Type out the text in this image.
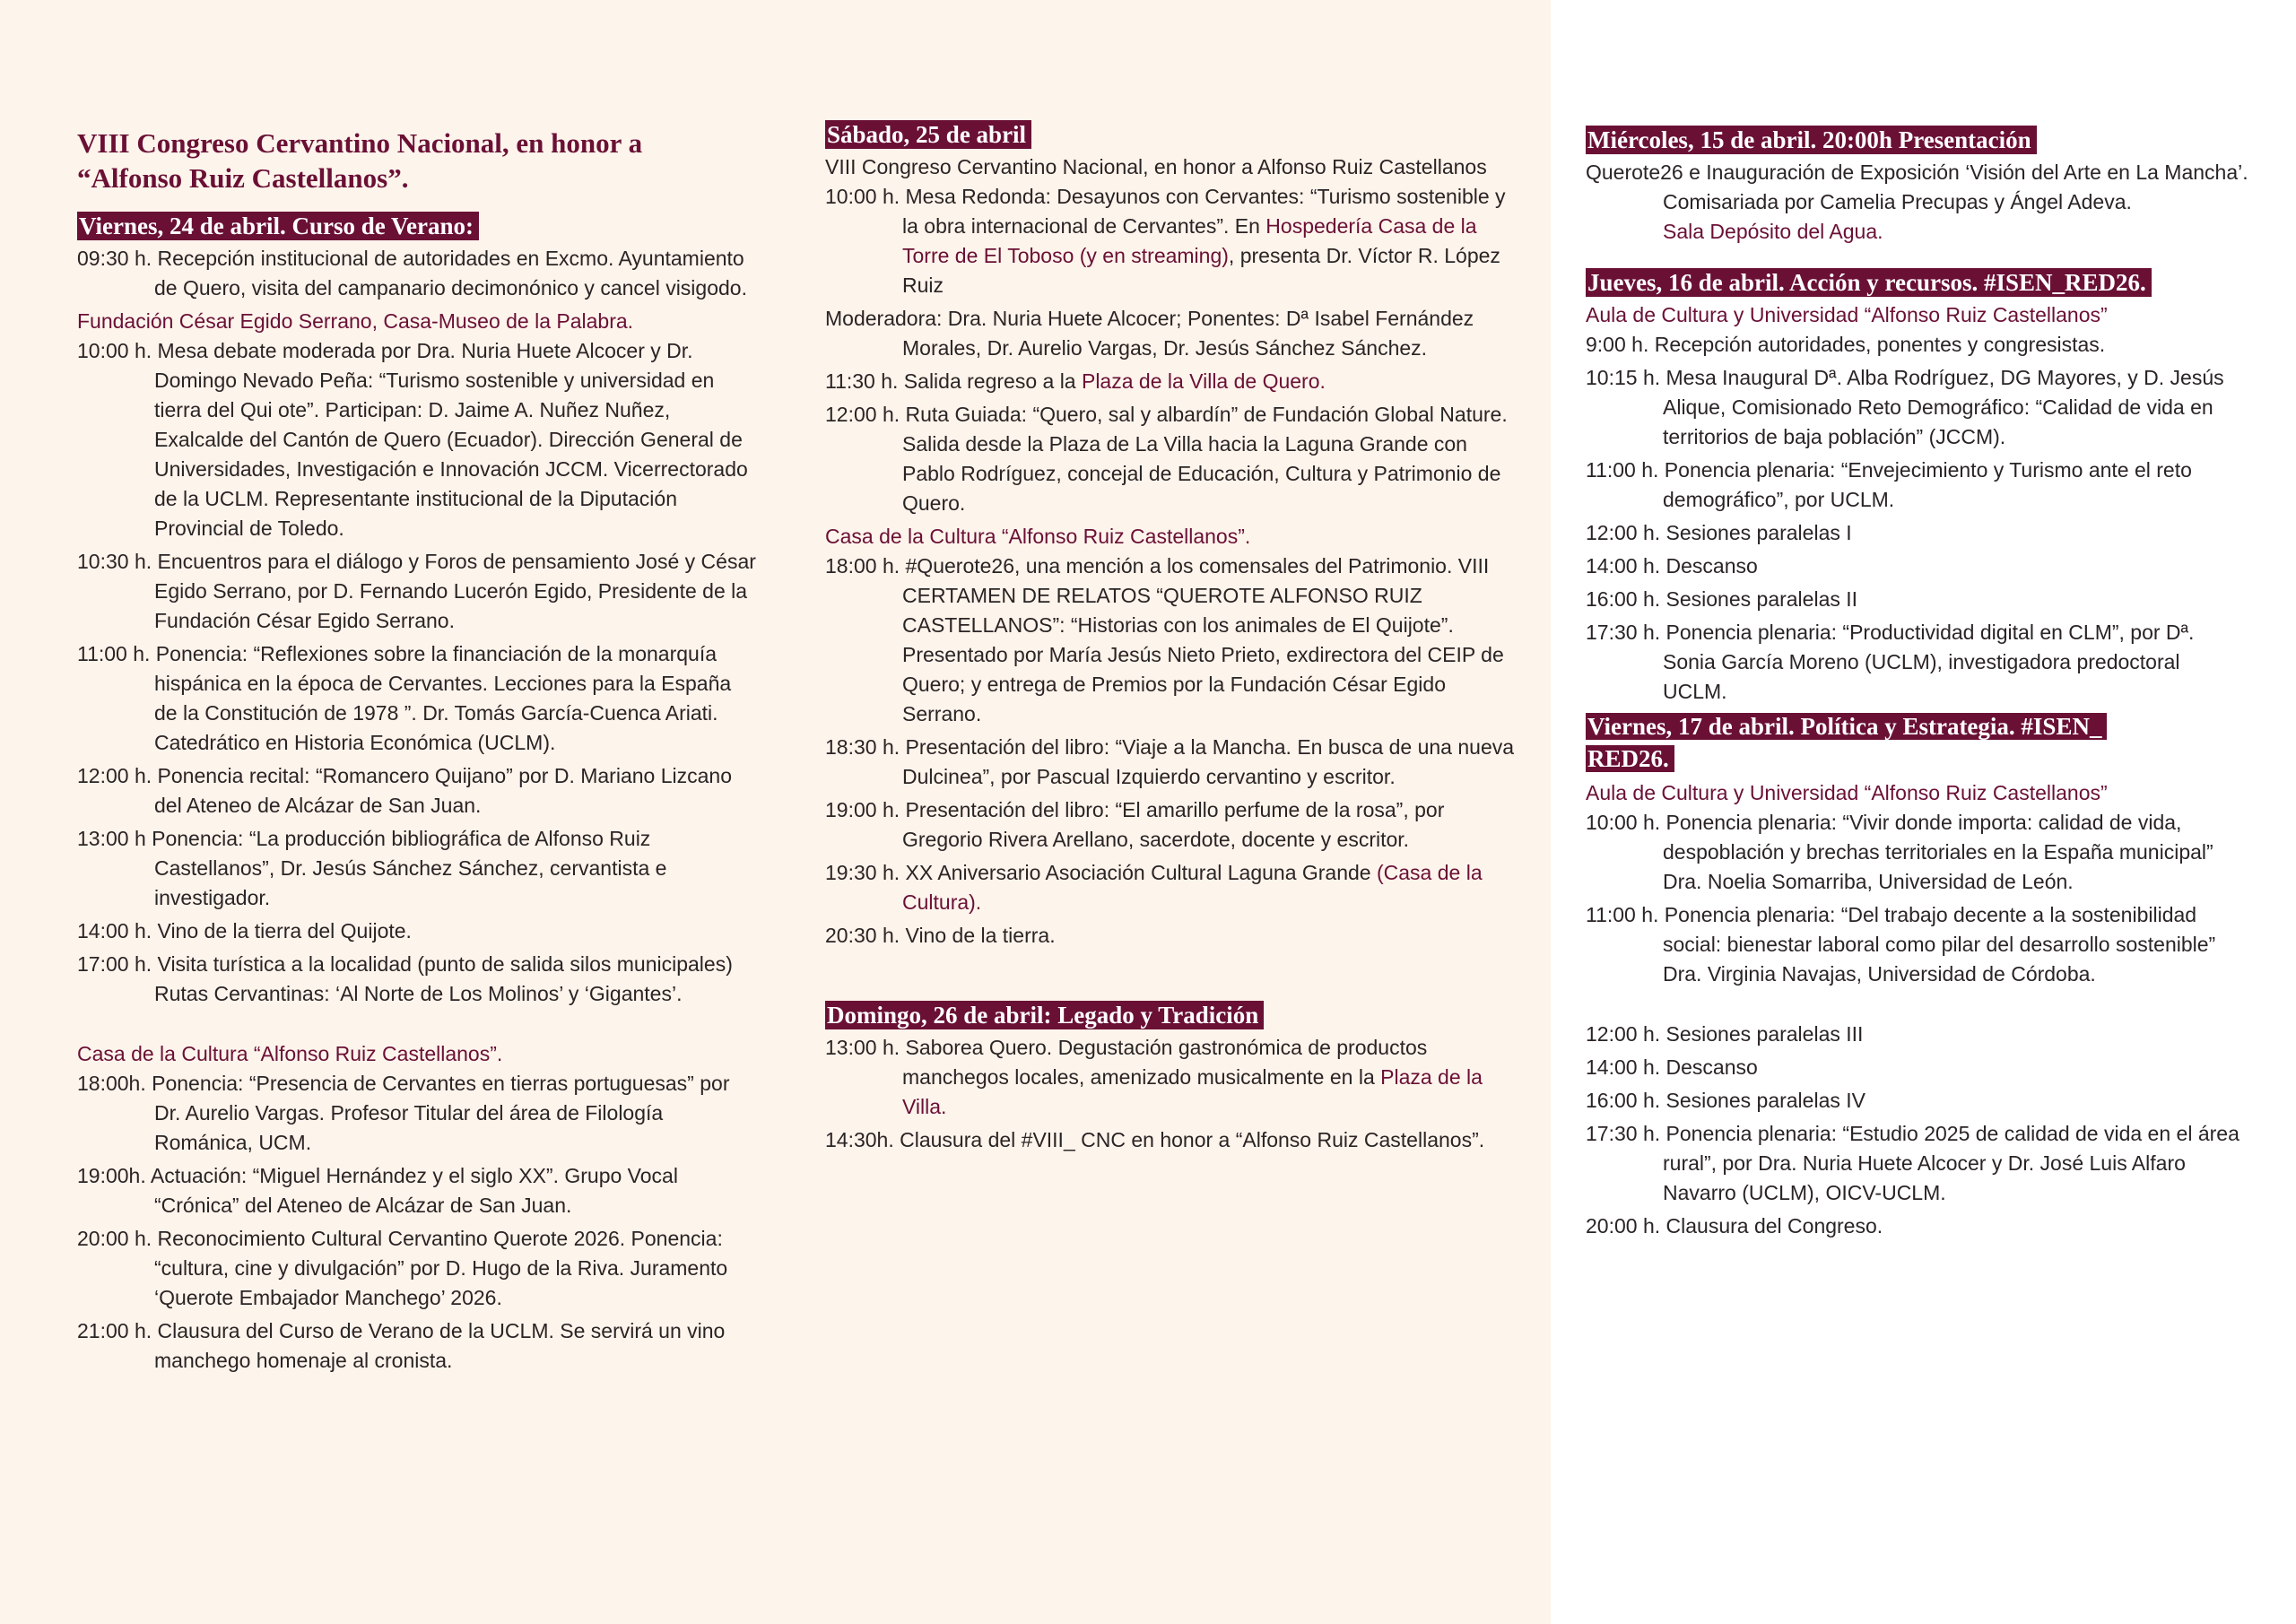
VIII Congreso Cervantino Nacional, en honor a
“Alfonso Ruiz Castellanos”.
Viernes, 24 de abril. Curso de Verano:
09:30 h. Recepción institucional de autoridades en Excmo. Ayuntamiento de Quero, visita del campanario decimonónico y cancel visigodo.
Fundación César Egido Serrano, Casa-Museo de la Palabra.
10:00 h. Mesa debate moderada por Dra. Nuria Huete Alcocer y Dr. Domingo Nevado Peña: “Turismo sostenible y universidad en tierra del Qui ote”. Participan: D. Jaime A. Nuñez Nuñez, Exalcalde del Cantón de Quero (Ecuador). Dirección General de Universidades, Investigación e Innovación JCCM. Vicerrectorado de la UCLM. Representante institucional de la Diputación Provincial de Toledo.
10:30 h. Encuentros para el diálogo y Foros de pensamiento José y César Egido Serrano, por D. Fernando Lucerón Egido, Presidente de la Fundación César Egido Serrano.
11:00 h. Ponencia: “Reflexiones sobre la financiación de la monarquía hispánica en la época de Cervantes. Lecciones para la España de la Constitución de 1978 ”. Dr. Tomás García-Cuenca Ariati. Catedrático en Historia Económica (UCLM).
12:00 h. Ponencia recital: “Romancero Quijano” por D. Mariano Lizcano del Ateneo de Alcázar de San Juan.
13:00 h Ponencia: “La producción bibliográfica de Alfonso Ruiz Castellanos”, Dr. Jesús Sánchez Sánchez, cervantista e investigador.
14:00 h. Vino de la tierra del Quijote.
17:00 h. Visita turística a la localidad (punto de salida silos municipales) Rutas Cervantinas: ‘Al Norte de Los Molinos’ y ‘Gigantes’.
Casa de la Cultura “Alfonso Ruiz Castellanos”.
18:00h. Ponencia: “Presencia de Cervantes en tierras portuguesas” por Dr. Aurelio Vargas. Profesor Titular del área de Filología Románica, UCM.
19:00h. Actuación: “Miguel Hernández y el siglo XX”. Grupo Vocal “Crónica” del Ateneo de Alcázar de San Juan.
20:00 h. Reconocimiento Cultural Cervantino Querote 2026. Ponencia: “cultura, cine y divulgación” por D. Hugo de la Riva. Juramento ‘Querote Embajador Manchego’ 2026.
21:00 h. Clausura del Curso de Verano de la UCLM. Se servirá un vino manchego homenaje al cronista.
Sábado, 25 de abril
VIII Congreso Cervantino Nacional, en honor a Alfonso Ruiz Castellanos
10:00 h. Mesa Redonda: Desayunos con Cervantes: “Turismo sostenible y la obra internacional de Cervantes”. En Hospedería Casa de la Torre de El Toboso (y en streaming), presenta Dr. Víctor R. López Ruiz
Moderadora: Dra. Nuria Huete Alcocer; Ponentes: Dª Isabel Fernández Morales, Dr. Aurelio Vargas, Dr. Jesús Sánchez Sánchez.
11:30 h. Salida regreso a la Plaza de la Villa de Quero.
12:00 h. Ruta Guiada: “Quero, sal y albardín” de Fundación Global Nature. Salida desde la Plaza de La Villa hacia la Laguna Grande con Pablo Rodríguez, concejal de Educación, Cultura y Patrimonio de Quero.
Casa de la Cultura “Alfonso Ruiz Castellanos”.
18:00 h. #Querote26, una mención a los comensales del Patrimonio. VIII CERTAMEN DE RELATOS “QUEROTE ALFONSO RUIZ CASTELLANOS”: “Historias con los animales de El Quijote”. Presentado por María Jesús Nieto Prieto, exdirectora del CEIP de Quero; y entrega de Premios por la Fundación César Egido Serrano.
18:30 h. Presentación del libro: “Viaje a la Mancha. En busca de una nueva Dulcinea”, por Pascual Izquierdo cervantino y escritor.
19:00 h. Presentación del libro: “El amarillo perfume de la rosa”, por Gregorio Rivera Arellano, sacerdote, docente y escritor.
19:30 h. XX Aniversario Asociación Cultural Laguna Grande (Casa de la Cultura).
20:30 h. Vino de la tierra.
Domingo, 26 de abril: Legado y Tradición
13:00 h. Saborea Quero. Degustación gastronómica de productos manchegos locales, amenizado musicalmente en la Plaza de la Villa.
14:30h. Clausura del #VIII_ CNC en honor a “Alfonso Ruiz Castellanos”.
Miércoles, 15 de abril. 20:00h Presentación
Querote26 e Inauguración de Exposición ‘Visión del Arte en La Mancha’. Comisariada por Camelia Precupas y Ángel Adeva.
Sala Depósito del Agua.
Jueves, 16 de abril. Acción y recursos. #ISEN_RED26.
Aula de Cultura y Universidad “Alfonso Ruiz Castellanos”
9:00 h. Recepción autoridades, ponentes y congresistas.
10:15 h. Mesa Inaugural Dª. Alba Rodríguez, DG Mayores, y D. Jesús Alique, Comisionado Reto Demográfico: “Calidad de vida en territorios de baja población” (JCCM).
11:00 h. Ponencia plenaria: “Envejecimiento y Turismo ante el reto demográfico”, por UCLM.
12:00 h. Sesiones paralelas I
14:00 h. Descanso
16:00 h. Sesiones paralelas II
17:30 h. Ponencia plenaria: “Productividad digital en CLM”, por Dª. Sonia García Moreno (UCLM), investigadora predoctoral UCLM.
Viernes, 17 de abril. Política y Estrategia. #ISEN_ RED26.
Aula de Cultura y Universidad “Alfonso Ruiz Castellanos”
10:00 h. Ponencia plenaria: “Vivir donde importa: calidad de vida, despoblación y brechas territoriales en la España municipal” Dra. Noelia Somarriba, Universidad de León.
11:00 h. Ponencia plenaria: “Del trabajo decente a la sostenibilidad social: bienestar laboral como pilar del desarrollo sostenible” Dra. Virginia Navajas, Universidad de Córdoba.
12:00 h. Sesiones paralelas III
14:00 h. Descanso
16:00 h. Sesiones paralelas IV
17:30 h. Ponencia plenaria: “Estudio 2025 de calidad de vida en el área rural”, por Dra. Nuria Huete Alcocer y Dr. José Luis Alfaro Navarro (UCLM), OICV-UCLM.
20:00 h. Clausura del Congreso.
